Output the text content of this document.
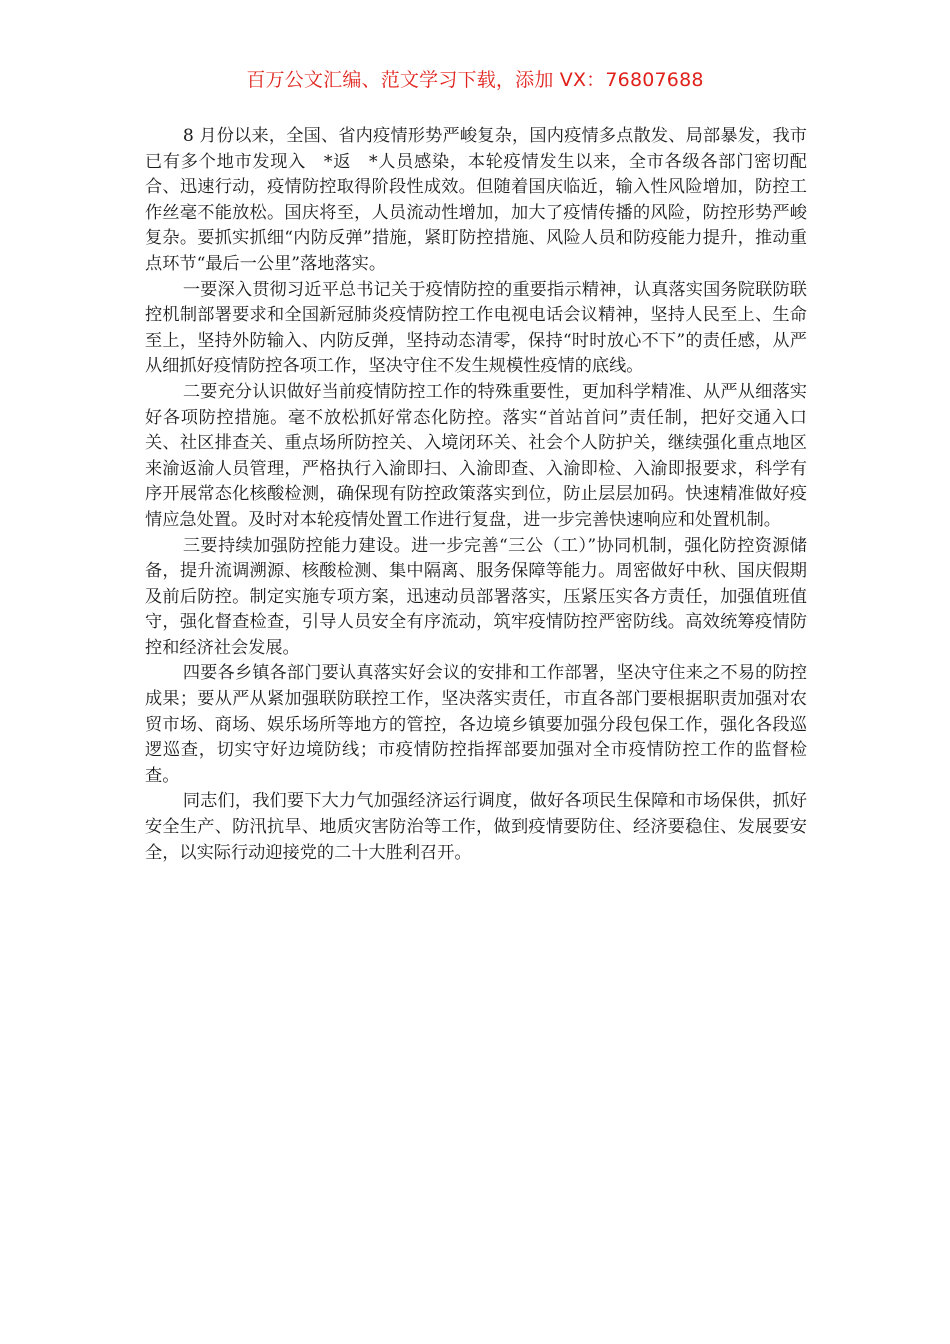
百万公文汇编、范文学习下载，添加 VX：76807688

8 月份以来，全国、省内疫情形势严峻复杂，国内疫情多点散发、局部暴发，我市已有多个地市发现入　*返　*人员感染，本轮疫情发生以来，全市各级各部门密切配合、迅速行动，疫情防控取得阶段性成效。但随着国庆临近，输入性风险增加，防控工作丝毫不能放松。国庆将至，人员流动性增加，加大了疫情传播的风险，防控形势严峻复杂。要抓实抓细“内防反弹”措施，紧盯防控措施、风险人员和防疫能力提升，推动重点环节“最后一公里”落地落实。

一要深入贯彻习近平总书记关于疫情防控的重要指示精神，认真落实国务院联防联控机制部署要求和全国新冠肺炎疫情防控工作电视电话会议精神，坚持人民至上、生命至上，坚持外防输入、内防反弹，坚持动态清零，保持“时时放心不下”的责任感，从严从细抓好疫情防控各项工作，坚决守住不发生规模性疫情的底线。

二要充分认识做好当前疫情防控工作的特殊重要性，更加科学精准、从严从细落实好各项防控措施。毫不放松抓好常态化防控。落实“首站首问”责任制，把好交通入口关、社区排查关、重点场所防控关、入境闭环关、社会个人防护关，继续强化重点地区来渝返渝人员管理，严格执行入渝即扫、入渝即查、入渝即检、入渝即报要求，科学有序开展常态化核酸检测，确保现有防控政策落实到位，防止层层加码。快速精准做好疫情应急处置。及时对本轮疫情处置工作进行复盘，进一步完善快速响应和处置机制。

三要持续加强防控能力建设。进一步完善“三公（工）”协同机制，强化防控资源储备，提升流调溯源、核酸检测、集中隔离、服务保障等能力。周密做好中秋、国庆假期及前后防控。制定实施专项方案，迅速动员部署落实，压紧压实各方责任，加强值班值守，强化督查检查，引导人员安全有序流动，筑牢疫情防控严密防线。高效统筹疫情防控和经济社会发展。

四要各乡镇各部门要认真落实好会议的安排和工作部署，坚决守住来之不易的防控成果；要从严从紧加强联防联控工作，坚决落实责任，市直各部门要根据职责加强对农贸市场、商场、娱乐场所等地方的管控，各边境乡镇要加强分段包保工作，强化各段巡逻巡查，切实守好边境防线；市疫情防控指挥部要加强对全市疫情防控工作的监督检查。

同志们，我们要下大力气加强经济运行调度，做好各项民生保障和市场保供，抓好安全生产、防汛抗旱、地质灾害防治等工作，做到疫情要防住、经济要稳住、发展要安全，以实际行动迎接党的二十大胜利召开。
